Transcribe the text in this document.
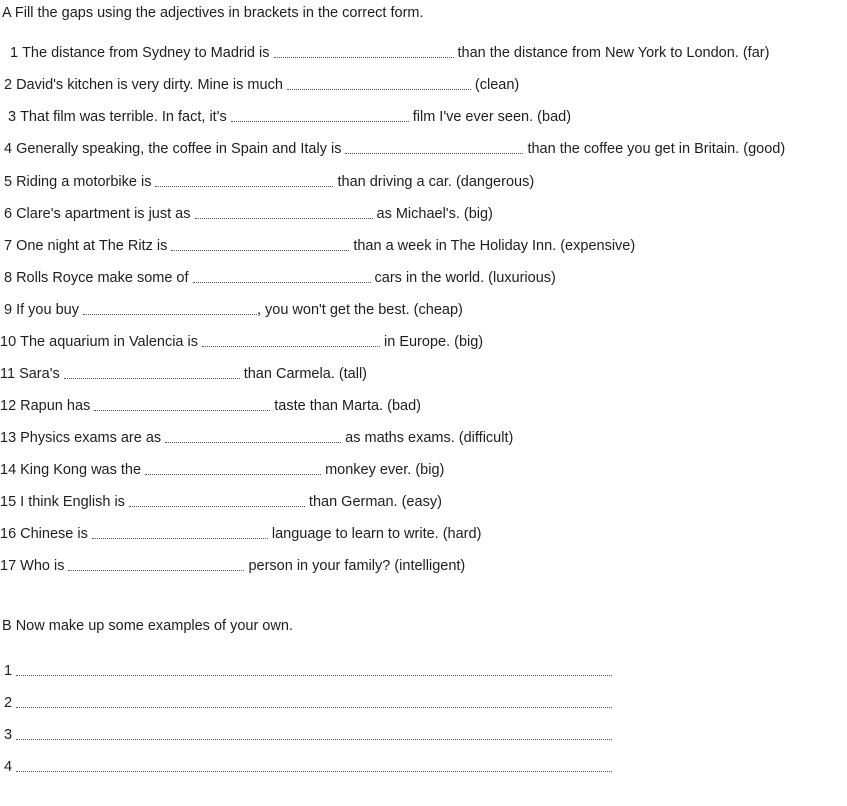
A Fill the gaps using the adjectives in brackets in the correct form.
1 The distance from Sydney to Madrid is	than the distance from New York to London. (far)
2 David's kitchen is very dirty. Mine is much	(clean)
3 That film was terrible. In fact, it's	film I've ever seen. (bad)
4 Generally speaking, the coffee in Spain and Italy is	than the coffee you get in Britain. (good)
5 Riding a motorbike is	than driving a car. (dangerous)
6 Clare's apartment is just as	as Michael's. (big)
7 One night at The Ritz is	than a week in The Holiday Inn. (expensive)
8 Rolls Royce make some of	cars in the world. (luxurious)
9 If you buy	, you won't get the best. (cheap)
10 The aquarium in Valencia is	in Europe. (big)
11 Sara's	than Carmela. (tall)
12 Rapun has	taste than Marta. (bad)
13 Physics exams are as	as maths exams. (difficult)
14 King Kong was the	monkey ever. (big)
15 I think English is	than German. (easy)
16 Chinese is	language to learn to write. (hard)
17 Who is	person in your family? (intelligent)
B Now make up some examples of your own.
1
2
3
4
